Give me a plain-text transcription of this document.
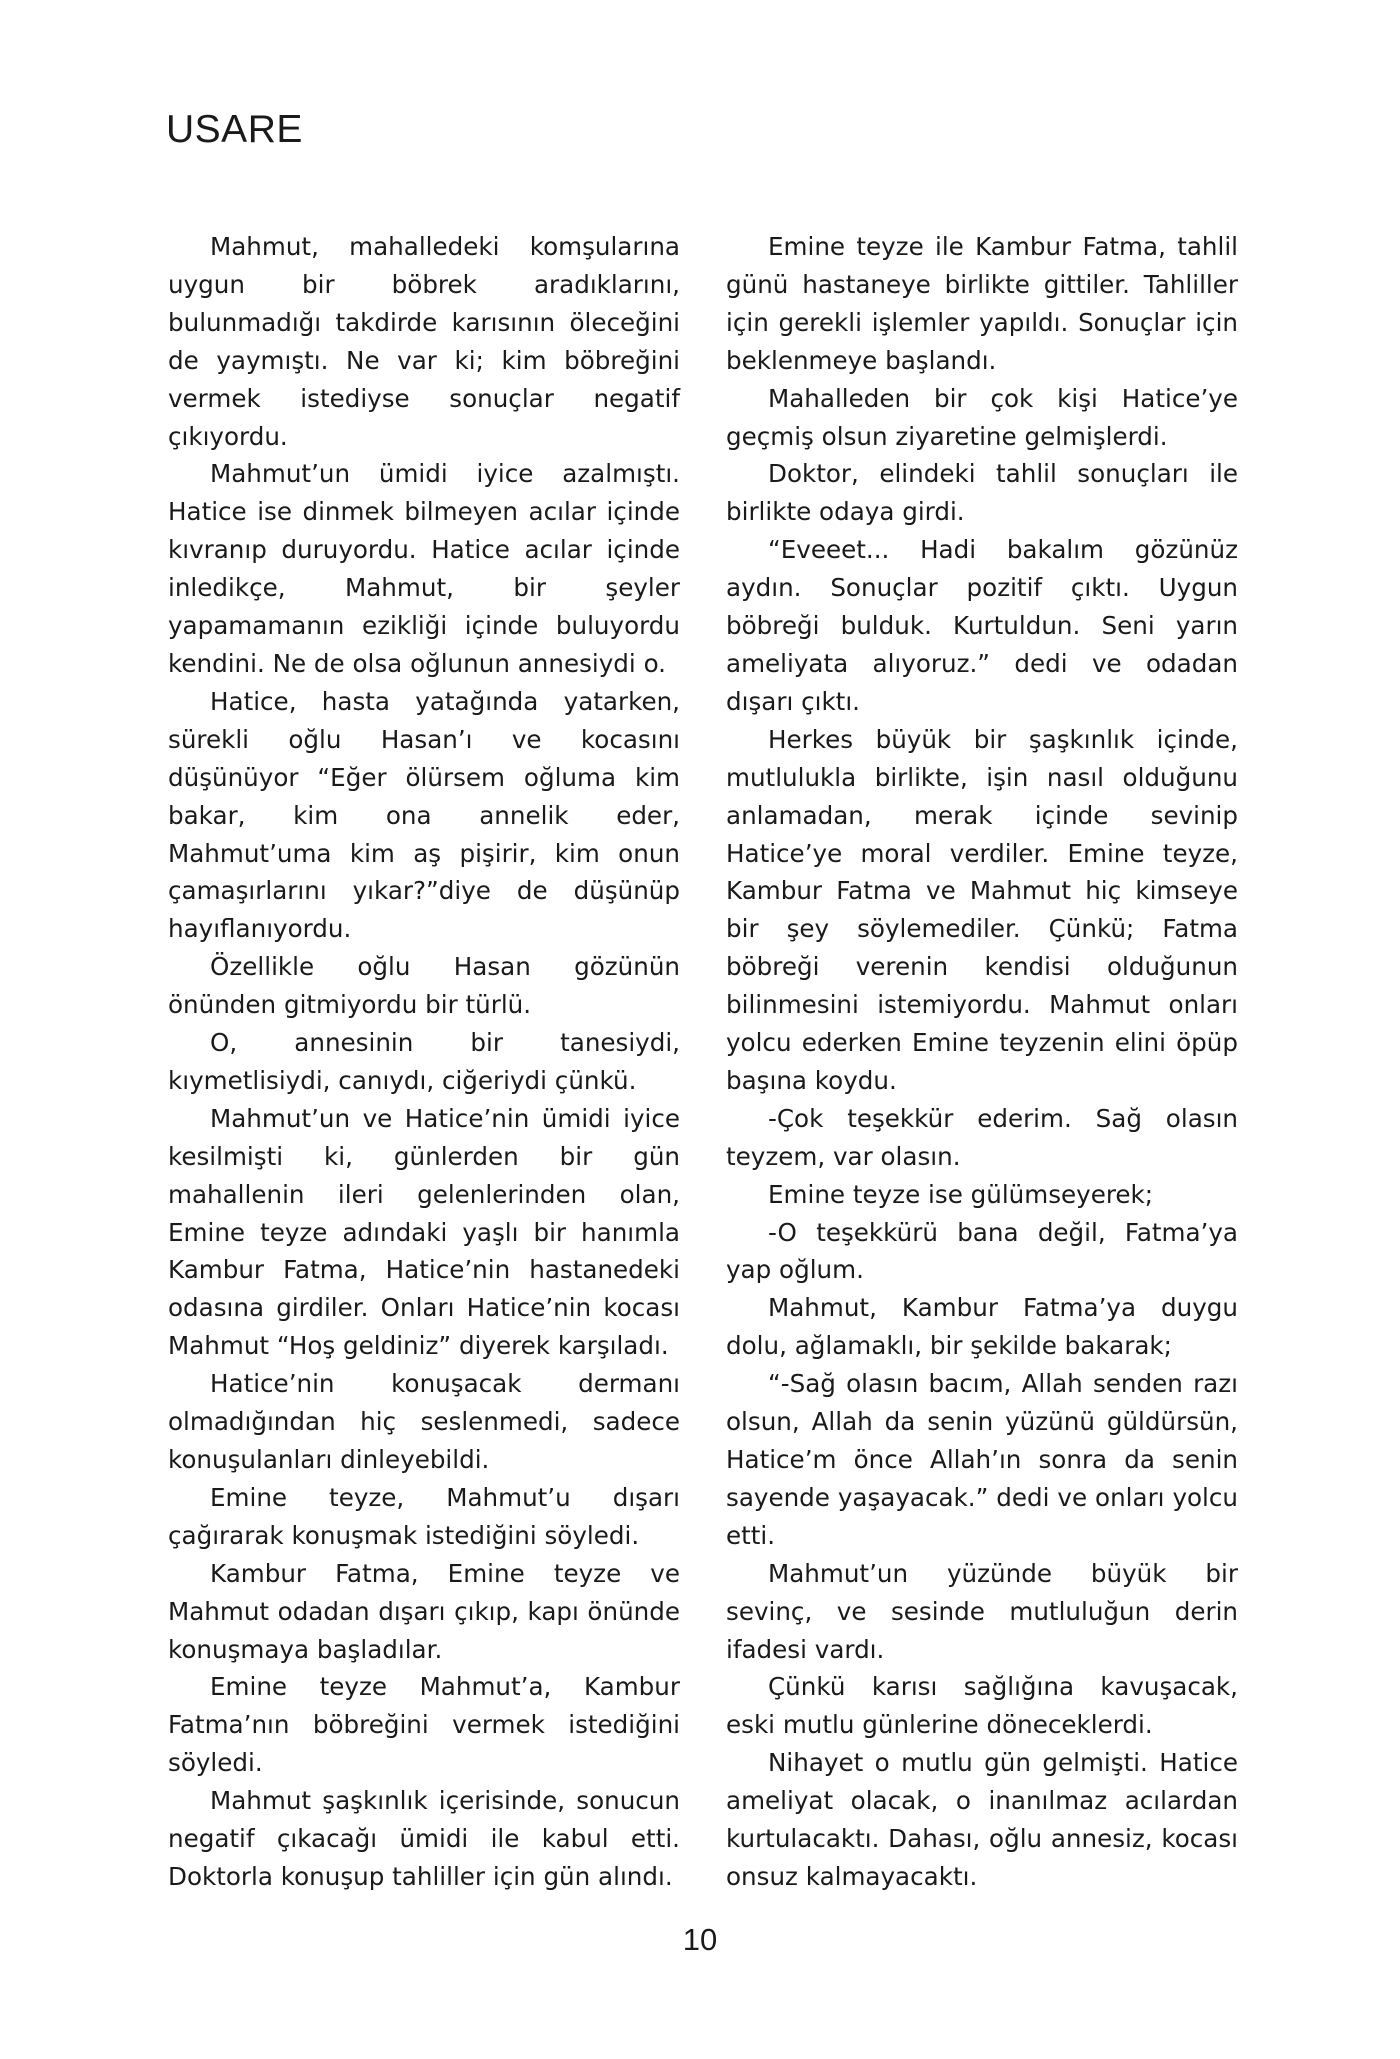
USARE

Mahmut, mahalledeki komşularına uygun bir böbrek aradıklarını, bulunmadığı takdirde karısının öleceğini de yaymıştı. Ne var ki; kim böbreğini vermek istediyse sonuçlar negatif çıkıyordu.

Mahmut’un ümidi iyice azalmıştı. Hatice ise dinmek bilmeyen acılar içinde kıvranıp duruyordu. Hatice acılar içinde inledikçe, Mahmut, bir şeyler yapamamanın ezikliği içinde buluyordu kendini. Ne de olsa oğlunun annesiydi o.

Hatice, hasta yatağında yatarken, sürekli oğlu Hasan’ı ve kocasını düşünüyor “Eğer ölürsem oğluma kim bakar, kim ona annelik eder, Mahmut’uma kim aş pişirir, kim onun çamaşırlarını yıkar?”diye de düşünüp hayıflanıyordu.

Özellikle oğlu Hasan gözünün önünden gitmiyordu bir türlü.

O, annesinin bir tanesiydi, kıymetlisiydi, canıydı, ciğeriydi çünkü.

Mahmut’un ve Hatice’nin ümidi iyice kesilmişti ki, günlerden bir gün mahallenin ileri gelenlerinden olan, Emine teyze adındaki yaşlı bir hanımla Kambur Fatma, Hatice’nin hastanedeki odasına girdiler. Onları Hatice’nin kocası Mahmut “Hoş geldiniz” diyerek karşıladı.

Hatice’nin konuşacak dermanı olmadığından hiç seslenmedi, sadece konuşulanları dinleyebildi.

Emine teyze, Mahmut’u dışarı çağırarak konuşmak istediğini söyledi.

Kambur Fatma, Emine teyze ve Mahmut odadan dışarı çıkıp, kapı önünde konuşmaya başladılar.

Emine teyze Mahmut’a, Kambur Fatma’nın böbreğini vermek istediğini söyledi.

Mahmut şaşkınlık içerisinde, sonucun negatif çıkacağı ümidi ile kabul etti. Doktorla konuşup tahliller için gün alındı.

Emine teyze ile Kambur Fatma, tahlil günü hastaneye birlikte gittiler. Tahliller için gerekli işlemler yapıldı. Sonuçlar için beklenmeye başlandı.

Mahalleden bir çok kişi Hatice’ye geçmiş olsun ziyaretine gelmişlerdi.

Doktor, elindeki tahlil sonuçları ile birlikte odaya girdi.

“Eveeet... Hadi bakalım gözünüz aydın. Sonuçlar pozitif çıktı. Uygun böbreği bulduk. Kurtuldun. Seni yarın ameliyata alıyoruz.” dedi ve odadan dışarı çıktı.

Herkes büyük bir şaşkınlık içinde, mutlulukla birlikte, işin nasıl olduğunu anlamadan, merak içinde sevinip Hatice’ye moral verdiler. Emine teyze, Kambur Fatma ve Mahmut hiç kimseye bir şey söylemediler. Çünkü; Fatma böbreği verenin kendisi olduğunun bilinmesini istemiyordu. Mahmut onları yolcu ederken Emine teyzenin elini öpüp başına koydu.

-Çok teşekkür ederim. Sağ olasın teyzem, var olasın.

Emine teyze ise gülümseyerek;

-O teşekkürü bana değil, Fatma’ya yap oğlum.

Mahmut, Kambur Fatma’ya duygu dolu, ağlamaklı, bir şekilde bakarak;

“-Sağ olasın bacım, Allah senden razı olsun, Allah da senin yüzünü güldürsün, Hatice’m önce Allah’ın sonra da senin sayende yaşayacak.” dedi ve onları yolcu etti.

Mahmut’un yüzünde büyük bir sevinç, ve sesinde mutluluğun derin ifadesi vardı.

Çünkü karısı sağlığına kavuşacak, eski mutlu günlerine döneceklerdi.

Nihayet o mutlu gün gelmişti. Hatice ameliyat olacak, o inanılmaz acılardan kurtulacaktı. Dahası, oğlu annesiz, kocası onsuz kalmayacaktı.

10
